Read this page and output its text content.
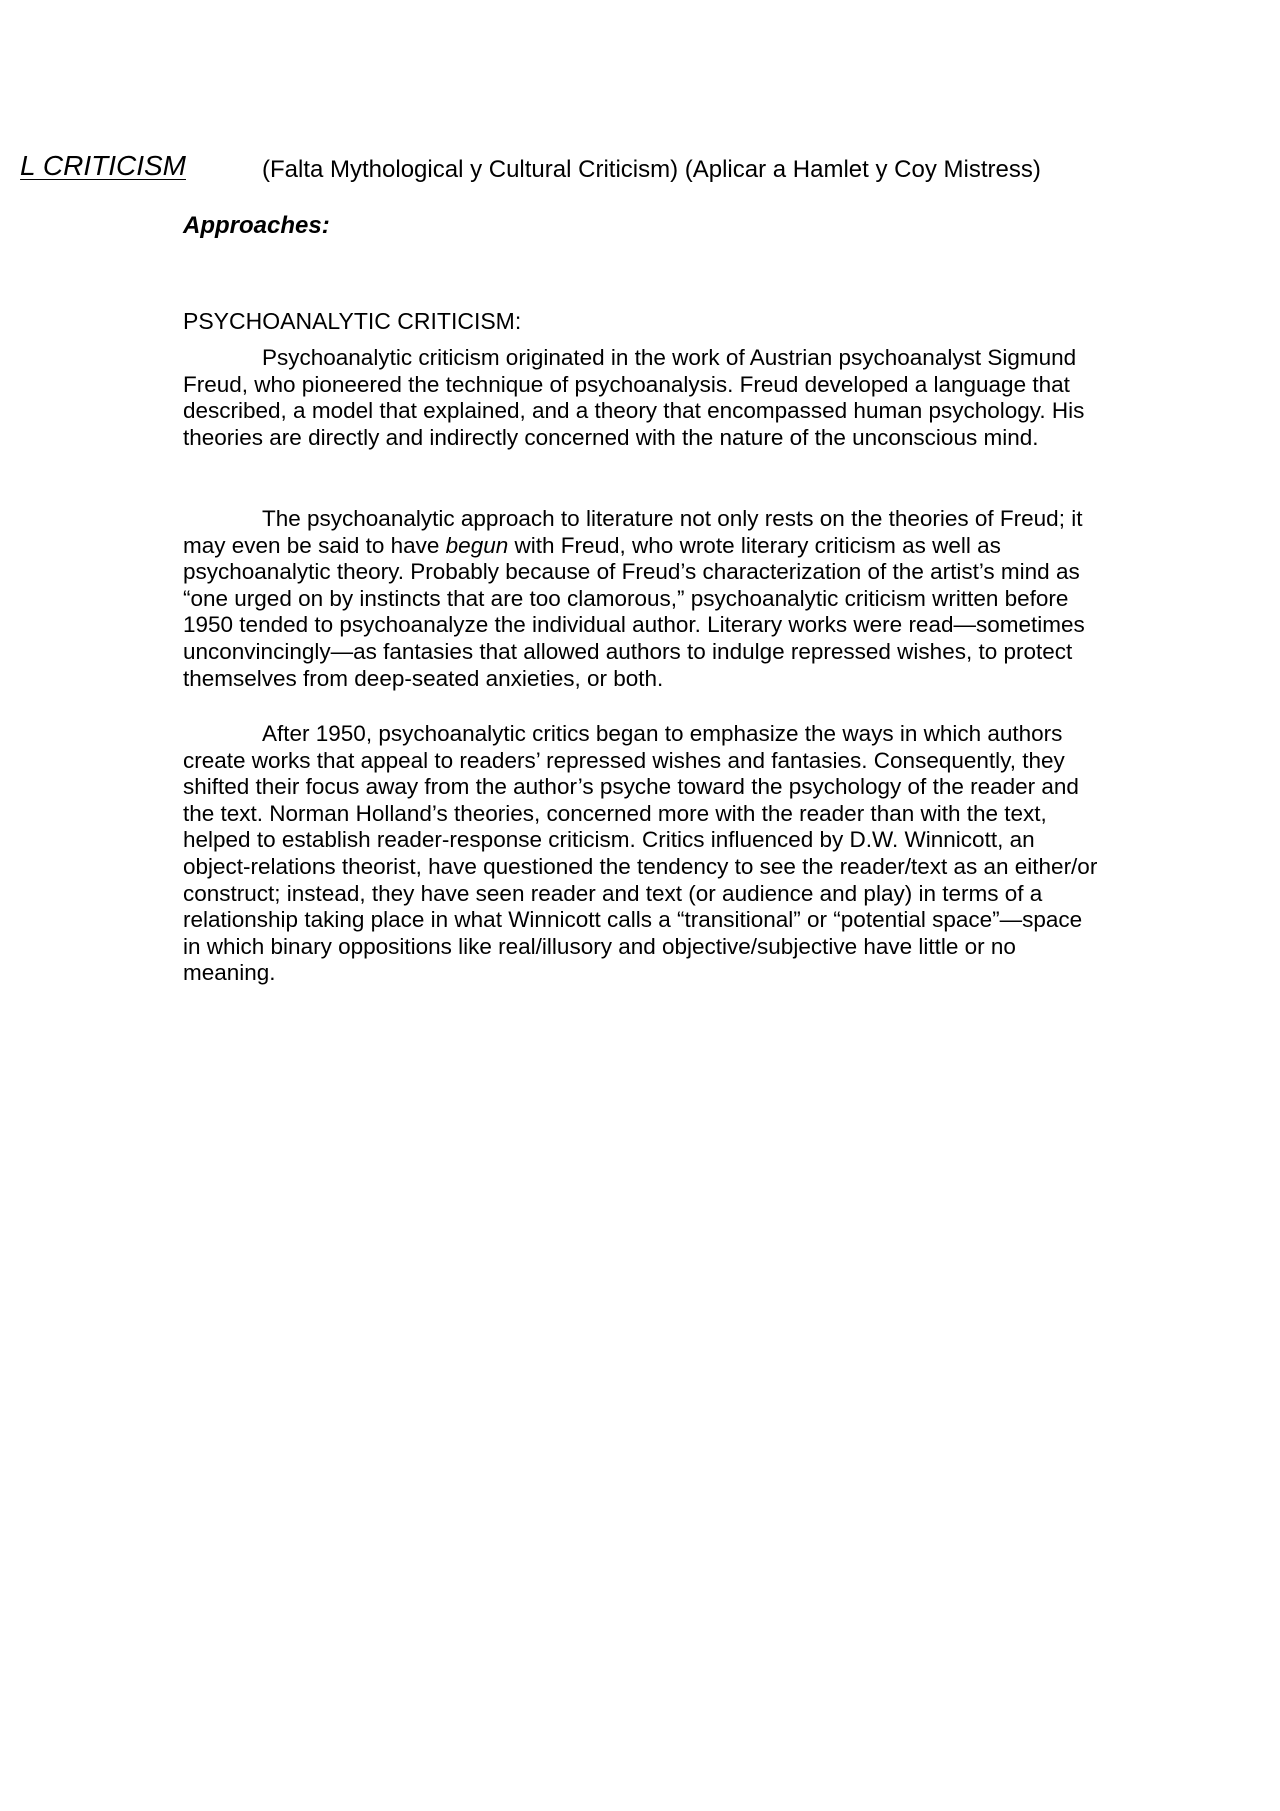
L CRITICISM	(Falta Mythological y Cultural Criticism) (Aplicar a Hamlet y Coy Mistress)
Approaches:
PSYCHOANALYTIC CRITICISM:

Psychoanalytic criticism originated in the work of Austrian psychoanalyst Sigmund Freud, who pioneered the technique of psychoanalysis. Freud developed a language that described, a model that explained, and a theory that encompassed human psychology. His theories are directly and indirectly concerned with the nature of the unconscious mind.

The psychoanalytic approach to literature not only rests on the theories of Freud; it may even be said to have begun with Freud, who wrote literary criticism as well as psychoanalytic theory. Probably because of Freud’s characterization of the artist’s mind as “one urged on by instincts that are too clamorous,” psychoanalytic criticism written before 1950 tended to psychoanalyze the individual author. Literary works were read—sometimes unconvincingly—as fantasies that allowed authors to indulge repressed wishes, to protect themselves from deep-seated anxieties, or both.

After 1950, psychoanalytic critics began to emphasize the ways in which authors create works that appeal to readers’ repressed wishes and fantasies. Consequently, they shifted their focus away from the author’s psyche toward the psychology of the reader and the text. Norman Holland’s theories, concerned more with the reader than with the text, helped to establish reader-response criticism. Critics influenced by D.W. Winnicott, an object-relations theorist, have questioned the tendency to see the reader/text as an either/or construct; instead, they have seen reader and text (or audience and play) in terms of a relationship taking place in what Winnicott calls a “transitional” or “potential space”—space in which binary oppositions like real/illusory and objective/subjective have little or no meaning.
